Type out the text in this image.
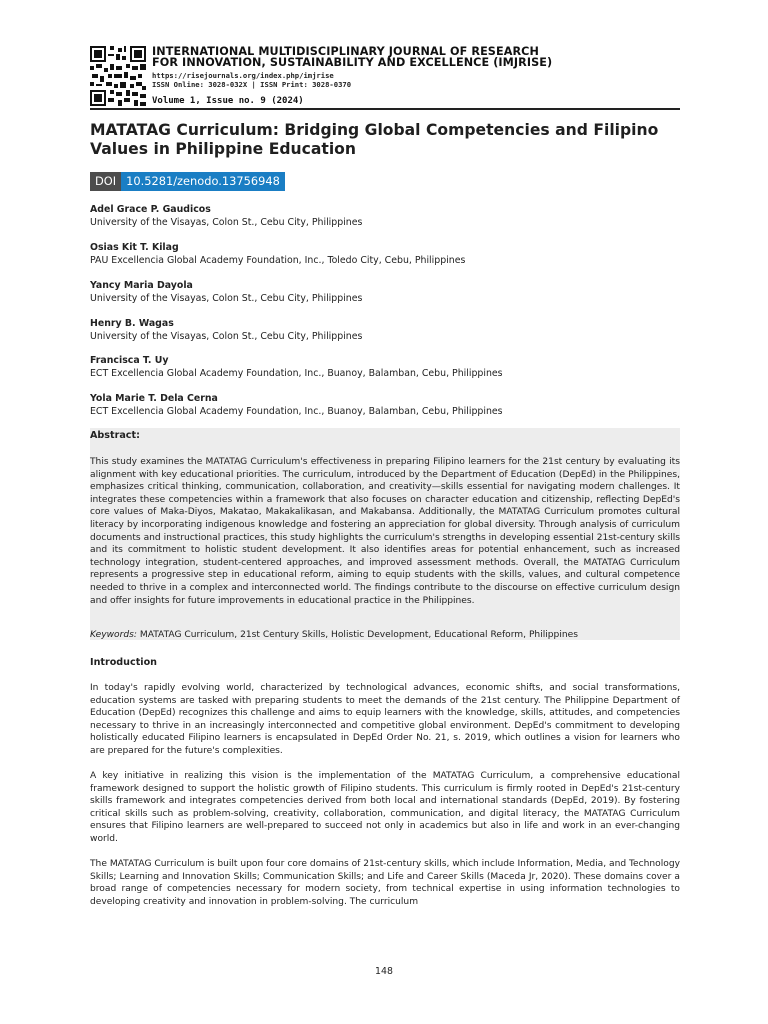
INTERNATIONAL MULTIDISCIPLINARY JOURNAL OF RESEARCH
FOR INNOVATION, SUSTAINABILITY AND EXCELLENCE (IMJRISE)
https://risejournals.org/index.php/imjrise
ISSN Online: 3028-032X | ISSN Print: 3028-0370
Volume 1, Issue no. 9 (2024)
MATATAG Curriculum: Bridging Global Competencies and Filipino Values in Philippine Education
DOI 10.5281/zenodo.13756948
Adel Grace P. Gaudicos
University of the Visayas, Colon St., Cebu City, Philippines
Osias Kit T. Kilag
PAU Excellencia Global Academy Foundation, Inc., Toledo City, Cebu, Philippines
Yancy Maria Dayola
University of the Visayas, Colon St., Cebu City, Philippines
Henry B. Wagas
University of the Visayas, Colon St., Cebu City, Philippines
Francisca T. Uy
ECT Excellencia Global Academy Foundation, Inc., Buanoy, Balamban, Cebu, Philippines
Yola Marie T. Dela Cerna
ECT Excellencia Global Academy Foundation, Inc., Buanoy, Balamban, Cebu, Philippines
Abstract:
This study examines the MATATAG Curriculum's effectiveness in preparing Filipino learners for the 21st century by evaluating its alignment with key educational priorities. The curriculum, introduced by the Department of Education (DepEd) in the Philippines, emphasizes critical thinking, communication, collaboration, and creativity—skills essential for navigating modern challenges. It integrates these competencies within a framework that also focuses on character education and citizenship, reflecting DepEd's core values of Maka-Diyos, Makatao, Makakalikasan, and Makabansa. Additionally, the MATATAG Curriculum promotes cultural literacy by incorporating indigenous knowledge and fostering an appreciation for global diversity. Through analysis of curriculum documents and instructional practices, this study highlights the curriculum's strengths in developing essential 21st-century skills and its commitment to holistic student development. It also identifies areas for potential enhancement, such as increased technology integration, student-centered approaches, and improved assessment methods. Overall, the MATATAG Curriculum represents a progressive step in educational reform, aiming to equip students with the skills, values, and cultural competence needed to thrive in a complex and interconnected world. The findings contribute to the discourse on effective curriculum design and offer insights for future improvements in educational practice in the Philippines.
Keywords: MATATAG Curriculum, 21st Century Skills, Holistic Development, Educational Reform, Philippines
Introduction
In today's rapidly evolving world, characterized by technological advances, economic shifts, and social transformations, education systems are tasked with preparing students to meet the demands of the 21st century. The Philippine Department of Education (DepEd) recognizes this challenge and aims to equip learners with the knowledge, skills, attitudes, and competencies necessary to thrive in an increasingly interconnected and competitive global environment. DepEd's commitment to developing holistically educated Filipino learners is encapsulated in DepEd Order No. 21, s. 2019, which outlines a vision for learners who are prepared for the future's complexities.
A key initiative in realizing this vision is the implementation of the MATATAG Curriculum, a comprehensive educational framework designed to support the holistic growth of Filipino students. This curriculum is firmly rooted in DepEd's 21st-century skills framework and integrates competencies derived from both local and international standards (DepEd, 2019). By fostering critical skills such as problem-solving, creativity, collaboration, communication, and digital literacy, the MATATAG Curriculum ensures that Filipino learners are well-prepared to succeed not only in academics but also in life and work in an ever-changing world.
The MATATAG Curriculum is built upon four core domains of 21st-century skills, which include Information, Media, and Technology Skills; Learning and Innovation Skills; Communication Skills; and Life and Career Skills (Maceda Jr, 2020). These domains cover a broad range of competencies necessary for modern society, from technical expertise in using information technologies to developing creativity and innovation in problem-solving. The curriculum
148
